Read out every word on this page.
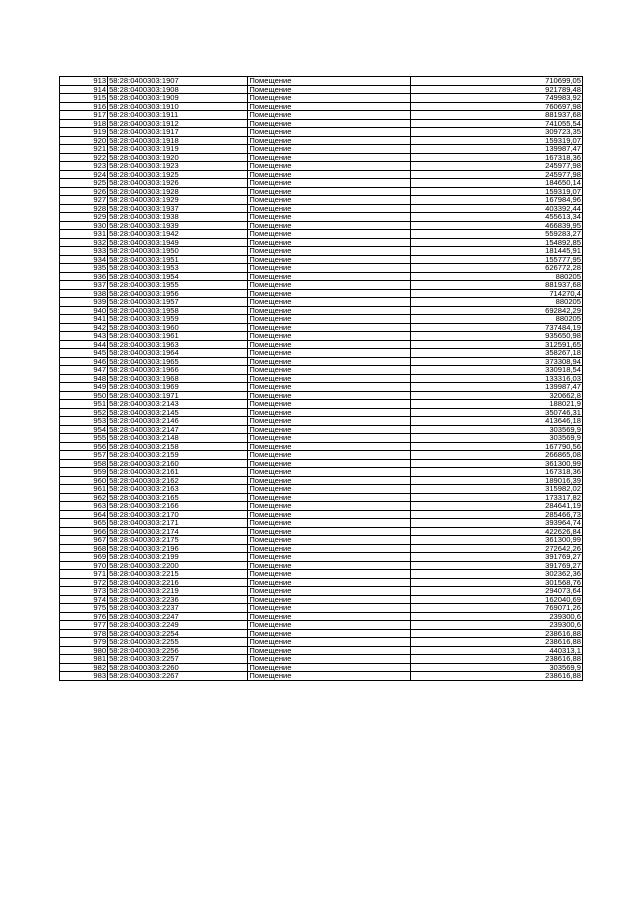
913	58:28:0400303:1907	Помещение	710699,05
914	58:28:0400303:1908	Помещение	921789,48
915	58:28:0400303:1909	Помещение	749983,92
916	58:28:0400303:1910	Помещение	760697,98
917	58:28:0400303:1911	Помещение	881937,68
918	58:28:0400303:1912	Помещение	741055,54
919	58:28:0400303:1917	Помещение	309723,35
920	58:28:0400303:1918	Помещение	159319,07
921	58:28:0400303:1919	Помещение	139987,47
922	58:28:0400303:1920	Помещение	167318,36
923	58:28:0400303:1923	Помещение	245977,98
924	58:28:0400303:1925	Помещение	245977,98
925	58:28:0400303:1926	Помещение	184650,14
926	58:28:0400303:1928	Помещение	159319,07
927	58:28:0400303:1929	Помещение	167984,96
928	58:28:0400303:1937	Помещение	403392,44
929	58:28:0400303:1938	Помещение	455613,34
930	58:28:0400303:1939	Помещение	466839,95
931	58:28:0400303:1942	Помещение	559283,27
932	58:28:0400303:1949	Помещение	154892,85
933	58:28:0400303:1950	Помещение	181445,91
934	58:28:0400303:1951	Помещение	155777,95
935	58:28:0400303:1953	Помещение	626772,28
936	58:28:0400303:1954	Помещение	880205
937	58:28:0400303:1955	Помещение	881937,68
938	58:28:0400303:1956	Помещение	714270,4
939	58:28:0400303:1957	Помещение	880205
940	58:28:0400303:1958	Помещение	692842,29
941	58:28:0400303:1959	Помещение	880205
942	58:28:0400303:1960	Помещение	737484,19
943	58:28:0400303:1961	Помещение	935650,98
944	58:28:0400303:1963	Помещение	312591,65
945	58:28:0400303:1964	Помещение	358267,18
946	58:28:0400303:1965	Помещение	373308,94
947	58:28:0400303:1966	Помещение	330918,54
948	58:28:0400303:1968	Помещение	133316,03
949	58:28:0400303:1969	Помещение	139987,47
950	58:28:0400303:1971	Помещение	320662,8
951	58:28:0400303:2143	Помещение	188021,9
952	58:28:0400303:2145	Помещение	350746,31
953	58:28:0400303:2146	Помещение	413646,18
954	58:28:0400303:2147	Помещение	303569,9
955	58:28:0400303:2148	Помещение	303569,9
956	58:28:0400303:2158	Помещение	167790,56
957	58:28:0400303:2159	Помещение	266865,08
958	58:28:0400303:2160	Помещение	361300,99
959	58:28:0400303:2161	Помещение	167318,36
960	58:28:0400303:2162	Помещение	189016,39
961	58:28:0400303:2163	Помещение	315982,02
962	58:28:0400303:2165	Помещение	173317,82
963	58:28:0400303:2166	Помещение	284641,19
964	58:28:0400303:2170	Помещение	285466,73
965	58:28:0400303:2171	Помещение	393964,74
966	58:28:0400303:2174	Помещение	422626,84
967	58:28:0400303:2175	Помещение	361300,99
968	58:28:0400303:2196	Помещение	272642,26
969	58:28:0400303:2199	Помещение	391769,27
970	58:28:0400303:2200	Помещение	391769,27
971	58:28:0400303:2215	Помещение	302362,36
972	58:28:0400303:2216	Помещение	301568,76
973	58:28:0400303:2219	Помещение	294073,64
974	58:28:0400303:2236	Помещение	162040,69
975	58:28:0400303:2237	Помещение	769071,26
976	58:28:0400303:2247	Помещение	239300,6
977	58:28:0400303:2249	Помещение	239300,6
978	58:28:0400303:2254	Помещение	238616,88
979	58:28:0400303:2255	Помещение	238616,88
980	58:28:0400303:2256	Помещение	440313,1
981	58:28:0400303:2257	Помещение	238616,88
982	58:28:0400303:2260	Помещение	303569,9
983	58:28:0400303:2267	Помещение	238616,88
